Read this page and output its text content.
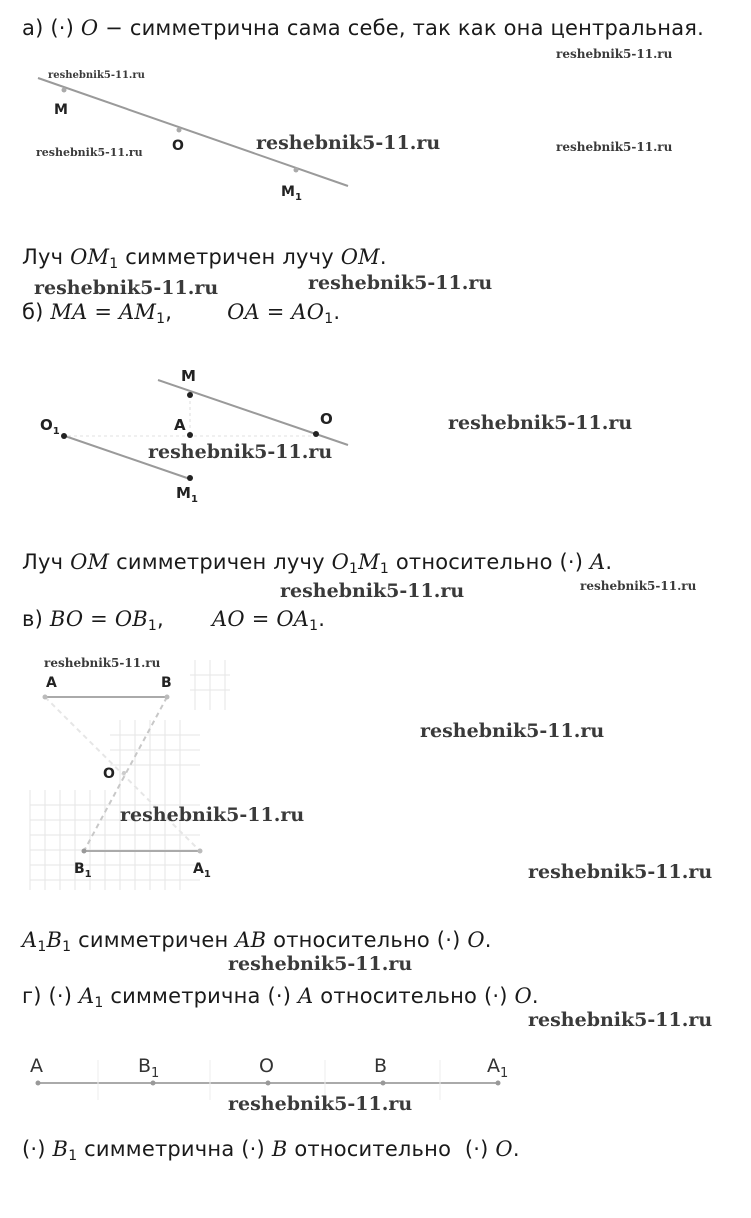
а) (·) O − симметрична сама себе, так как она центральная.
Луч $OM_1$ симметричен лучу OM.
б) MA = $AM_1$,        OA = $AO_1$.
Луч OM симметричен лучу $O_1M_1$ относительно (·) A.
в) BO = $OB_1$,       AO = $OA_1$.
$A_1B_1$ симметричен AB относительно (·) O.
г) (·) $A_1$ симметрична (·) A относительно (·) O.
(·) $B_1$ симметрична (·) B относительно  (·) O.
M
O
$M_1$
M
A	O
$O_1$
$M_1$
A	B
O
$B_1$	$A_1$
A	$B_1$	O	B	$A_1$
reshebnik5-11.ru
reshebnik5-11.ru
reshebnik5-11.ru
reshebnik5-11.ru	reshebnik5-11.ru
reshebnik5-11.ru	reshebnik5-11.ru
reshebnik5-11.ru
reshebnik5-11.ru
reshebnik5-11.ru	reshebnik5-11.ru
reshebnik5-11.ru
reshebnik5-11.ru
reshebnik5-11.ru
reshebnik5-11.ru
reshebnik5-11.ru
reshebnik5-11.ru
reshebnik5-11.ru
